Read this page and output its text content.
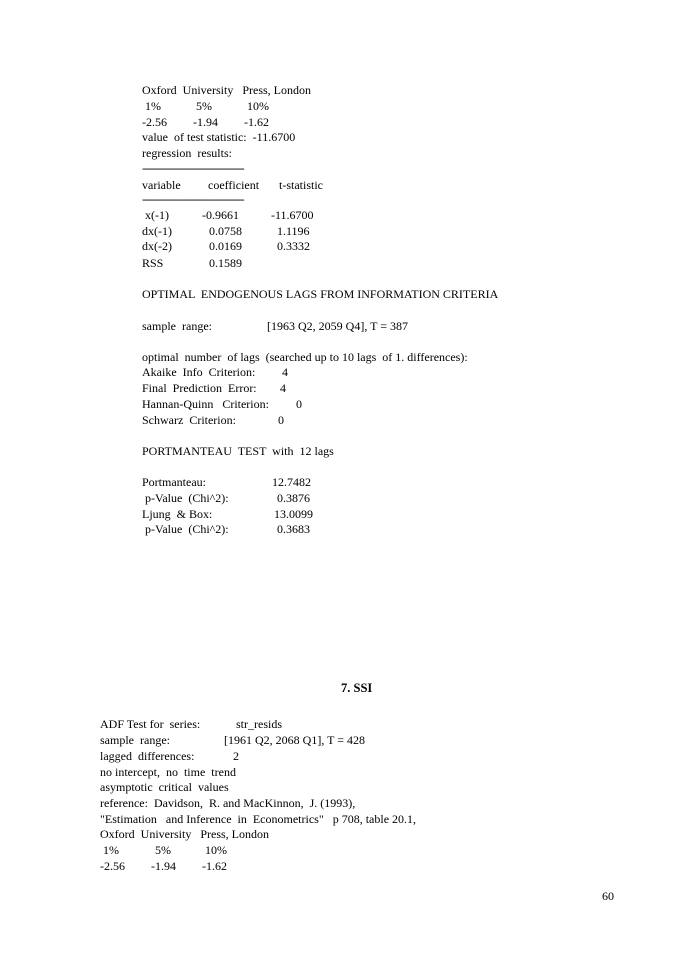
Oxford  University   Press, London
1%	5%	10%
-2.56 -1.94 -1.62
value  of test statistic:  -11.6700
regression  results:
---------------------------------------
variable coefficient t-statistic
---------------------------------------
x(-1)	-0.9661	-11.6700
dx(-1)	0.0758	1.1196
dx(-2)	0.0169	0.3332
RSS	0.1589
OPTIMAL  ENDOGENOUS LAGS FROM INFORMATION CRITERIA
sample  range:	[1963 Q2, 2059 Q4], T = 387
optimal  number  of lags  (searched up to 10 lags  of 1. differences):
Akaike  Info  Criterion: 4
Final  Prediction  Error: 4
Hannan-Quinn   Criterion: 0
Schwarz  Criterion:	0
PORTMANTEAU  TEST  with  12 lags
Portmanteau:	12.7482
p-Value  (Chi^2):	0.3876
Ljung  & Box:	13.0099
p-Value  (Chi^2):	0.3683
7. SSI
ADF Test for  series:	str_resids
sample  range:	[1961 Q2, 2068 Q1], T = 428
lagged  differences:	2
no intercept,  no  time  trend
asymptotic  critical  values
reference:  Davidson,  R. and MacKinnon,  J. (1993),
"Estimation   and Inference  in  Econometrics"   p 708, table 20.1,
Oxford  University   Press, London
1%	5%	10%
-2.56 -1.94 -1.62
60
